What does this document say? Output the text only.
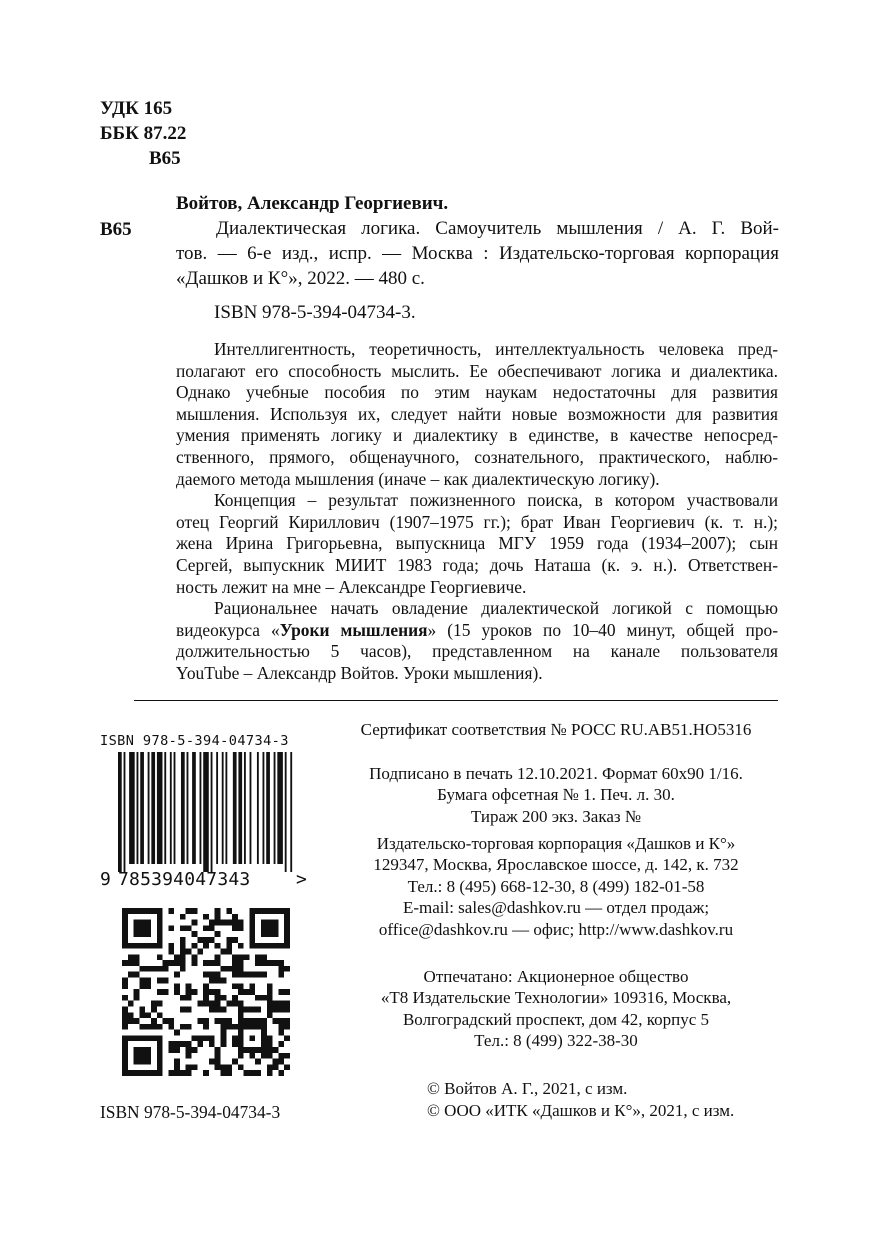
УДК 165
ББК 87.22
В65
Войтов, Александр Георгиевич.
В65	Диалектическая логика. Самоучитель мышления / А. Г. Вой-
тов. — 6-е изд., испр. — Москва : Издательско-торговая корпорация
«Дашков и К°», 2022. — 480 с.
ISBN 978-5-394-04734-3.
Интеллигентность, теоретичность, интеллектуальность человека пред-
полагают его способность мыслить. Ее обеспечивают логика и диалектика.
Однако учебные пособия по этим наукам недостаточны для развития
мышления. Используя их, следует найти новые возможности для развития
умения применять логику и диалектику в единстве, в качестве непосред-
ственного, прямого, общенаучного, сознательного, практического, наблю-
даемого метода мышления (иначе – как диалектическую логику).
Концепция – результат пожизненного поиска, в котором участвовали
отец Георгий Кириллович (1907–1975 гг.); брат Иван Георгиевич (к. т. н.);
жена Ирина Григорьевна, выпускница МГУ 1959 года (1934–2007); сын
Сергей, выпускник МИИТ 1983 года; дочь Наташа (к. э. н.). Ответствен-
ность лежит на мне – Александре Георгиевиче.
Рациональнее начать овладение диалектической логикой с помощью
видеокурса «Уроки мышления» (15 уроков по 10–40 минут, общей про-
должительностью 5 часов), представленном на канале пользователя
YouTube – Александр Войтов. Уроки мышления).
ISBN 978-5-394-04734-3
9 785394047343	>
ISBN 978-5-394-04734-3
Сертификат соответствия № РОСС RU.AB51.HO5316
Подписано в печать 12.10.2021. Формат 60x90 1/16.
Бумага офсетная № 1. Печ. л. 30.
Тираж 200 экз. Заказ №
Издательско-торговая корпорация «Дашков и К°»
129347, Москва, Ярославское шоссе, д. 142, к. 732
Тел.: 8 (495) 668-12-30, 8 (499) 182-01-58
E-mail: sales@dashkov.ru — отдел продаж;
office@dashkov.ru — офис; http://www.dashkov.ru
Отпечатано: Акционерное общество
«Т8 Издательские Технологии» 109316, Москва,
Волгоградский проспект, дом 42, корпус 5
Тел.: 8 (499) 322-38-30
© Войтов А. Г., 2021, с изм.
© ООО «ИТК «Дашков и К°», 2021, с изм.
